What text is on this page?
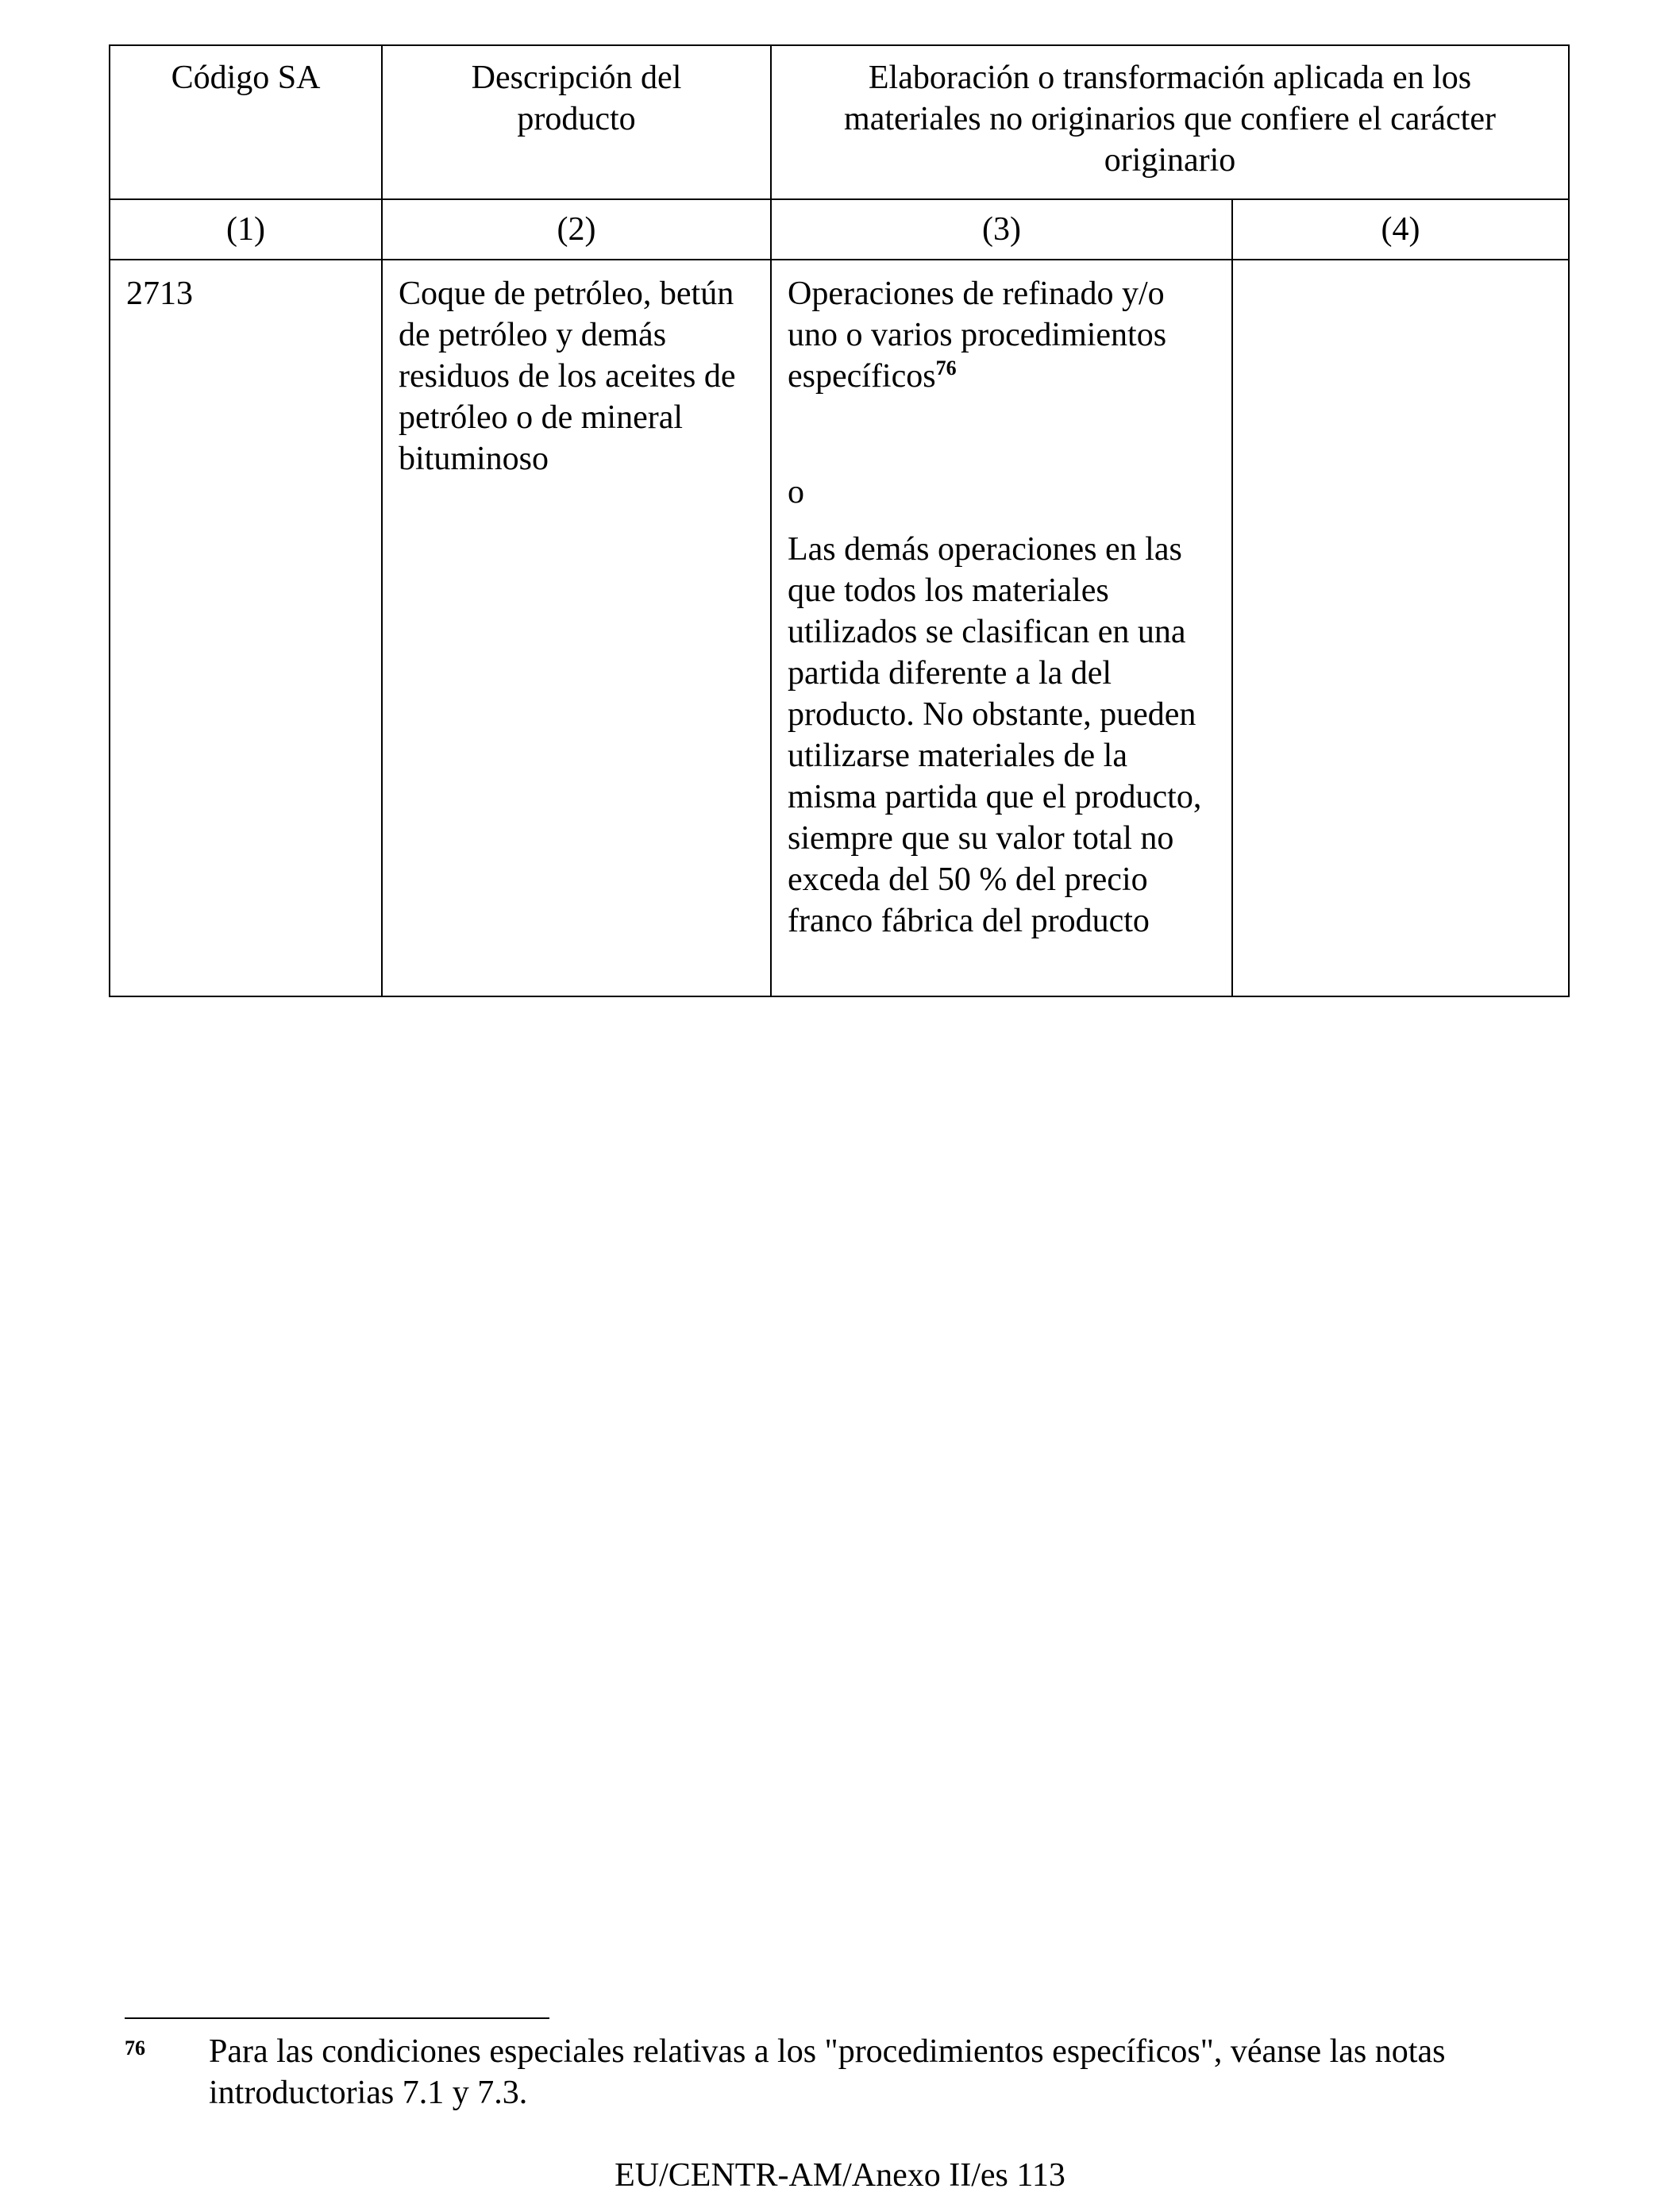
Código SA	Descripción del producto	Elaboración o transformación aplicada en los materiales no originarios que confiere el carácter originario	
(1)	(2)	(3)	(4)
2713	Coque de petróleo, betún de petróleo y demás residuos de los aceites de petróleo o de mineral bituminoso	Operaciones de refinado y/o uno o varios procedimientos específicos$^{76}$
o
Las demás operaciones en las que todos los materiales utilizados se clasifican en una partida diferente a la del producto. No obstante, pueden utilizarse materiales de la misma partida que el producto, siempre que su valor total no exceda del 50 % del precio franco fábrica del producto	

76 Para las condiciones especiales relativas a los "procedimientos específicos", véanse las notas introductorias 7.1 y 7.3.
EU/CENTR-AM/Anexo II/es 113
